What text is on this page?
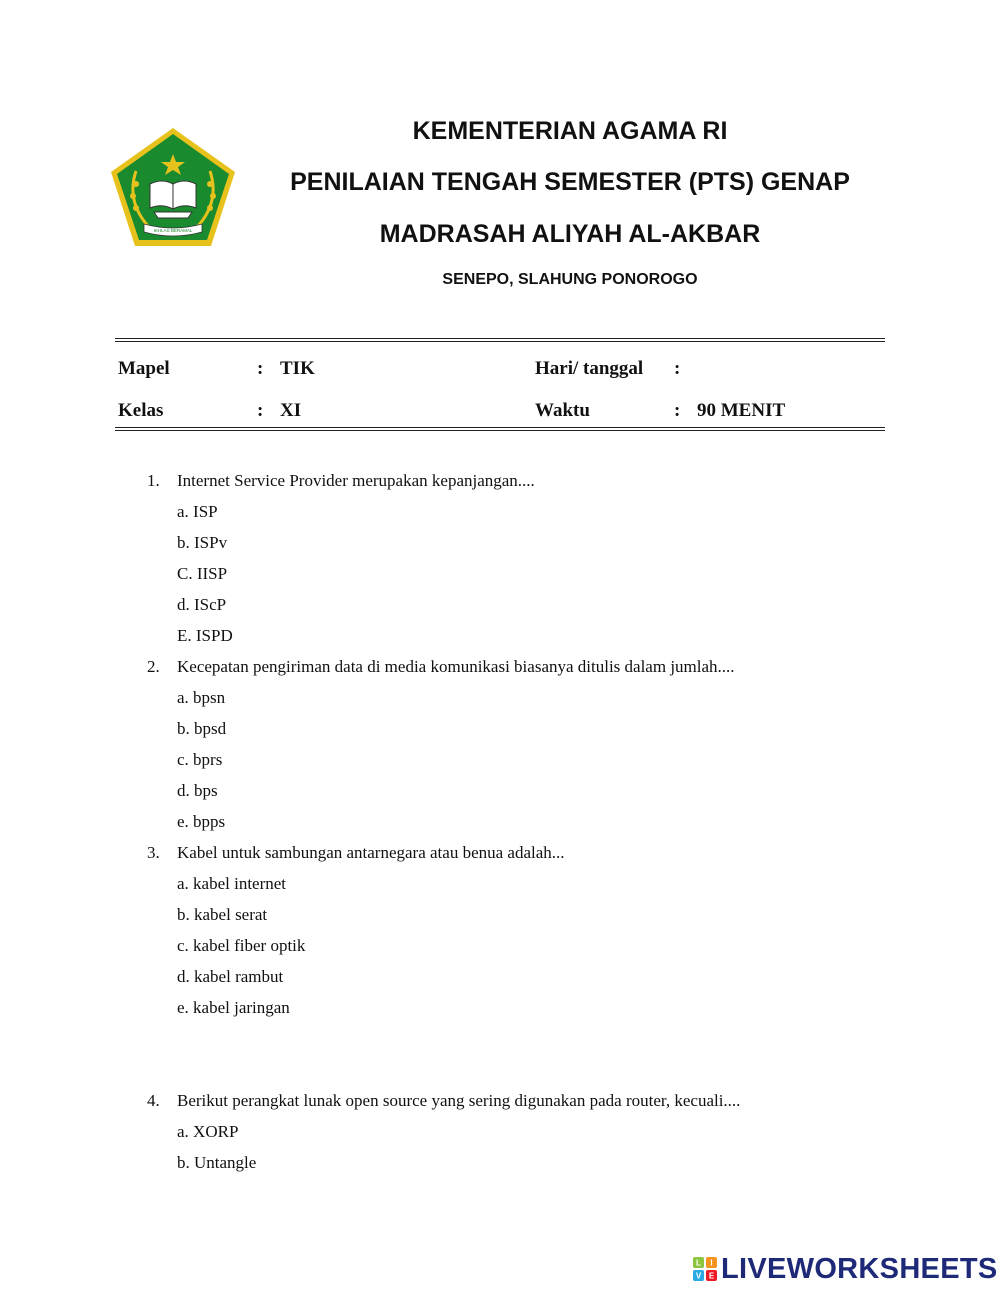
IKHLAS BERAMAL
KEMENTERIAN AGAMA RI
PENILAIAN TENGAH SEMESTER (PTS) GENAP
MADRASAH ALIYAH AL-AKBAR
SENEPO, SLAHUNG PONOROGO
Mapel	: TIK	Hari/ tanggal :
Kelas	: XI	Waktu	: 90 MENIT
1. Internet Service Provider merupakan kepanjangan....
a. ISP
b. ISPv
C. IISP
d. IScP
E. ISPD
2. Kecepatan pengiriman data di media komunikasi biasanya ditulis dalam jumlah....
a. bpsn
b. bpsd
c. bprs
d. bps
e. bpps
3. Kabel untuk sambungan antarnegara atau benua adalah...
a. kabel internet
b. kabel serat
c. kabel fiber optik
d. kabel rambut
e. kabel jaringan
4. Berikut perangkat lunak open source yang sering digunakan pada router, kecuali....
a. XORP
b. Untangle
L I
V E LIVEWORKSHEETS
